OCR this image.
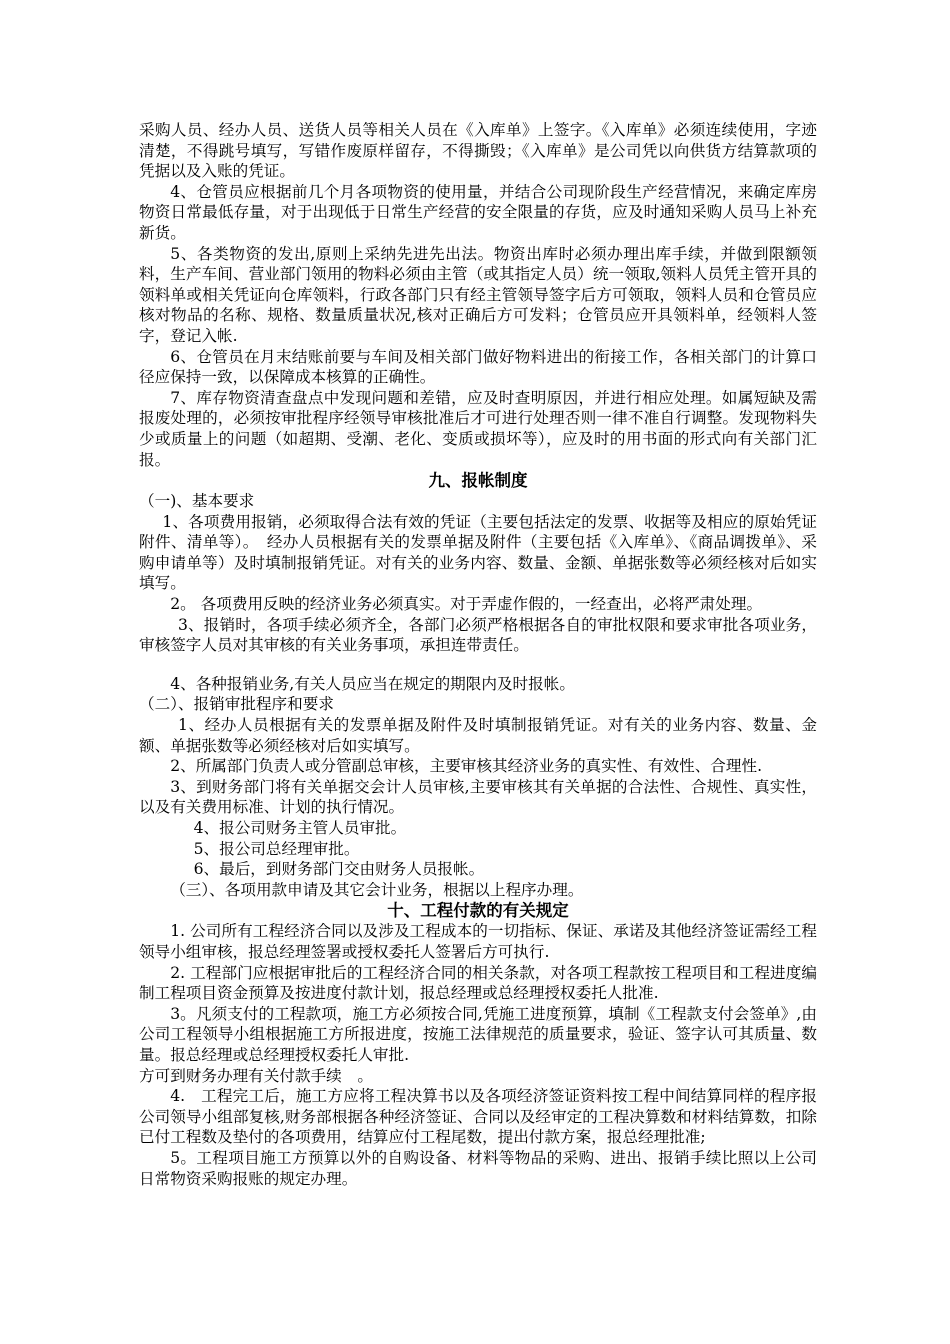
采购人员、经办人员、送货人员等相关人员在《入库单》上签字。《入库单》必须连续使用，字迹清楚，不得跳号填写，写错作废原样留存，不得撕毁；《入库单》是公司凭以向供货方结算款项的凭据以及入账的凭证。

4、仓管员应根据前几个月各项物资的使用量，并结合公司现阶段生产经营情况，来确定库房物资日常最低存量，对于出现低于日常生产经营的安全限量的存货，应及时通知采购人员马上补充新货。

5、各类物资的发出,原则上采纳先进先出法。物资出库时必须办理出库手续，并做到限额领料，生产车间、营业部门领用的物料必须由主管（或其指定人员）统一领取,领料人员凭主管开具的领料单或相关凭证向仓库领料，行政各部门只有经主管领导签字后方可领取，领料人员和仓管员应核对物品的名称、规格、数量质量状况,核对正确后方可发料；仓管员应开具领料单，经领料人签字，登记入帐.

6、仓管员在月末结账前要与车间及相关部门做好物料进出的衔接工作，各相关部门的计算口径应保持一致，以保障成本核算的正确性。

7、库存物资清查盘点中发现问题和差错，应及时查明原因，并进行相应处理。如属短缺及需报废处理的，必须按审批程序经领导审核批准后才可进行处理否则一律不准自行调整。发现物料失少或质量上的问题（如超期、受潮、老化、变质或损坏等），应及时的用书面的形式向有关部门汇报。

九、报帐制度

（一)、基本要求

1、各项费用报销，必须取得合法有效的凭证（主要包括法定的发票、收据等及相应的原始凭证附件、清单等）。　经办人员根据有关的发票单据及附件（主要包括《入库单》、《商品调拨单》、采购申请单等）及时填制报销凭证。对有关的业务内容、数量、金额、单据张数等必须经核对后如实填写。

2。 各项费用反映的经济业务必须真实。对于弄虚作假的，一经查出，必将严肃处理。

3、报销时，各项手续必须齐全，各部门必须严格根据各自的审批权限和要求审批各项业务，审核签字人员对其审核的有关业务事项，承担连带责任。

4、各种报销业务,有关人员应当在规定的期限内及时报帐。

（二）、报销审批程序和要求

1、经办人员根据有关的发票单据及附件及时填制报销凭证。对有关的业务内容、数量、金额、单据张数等必须经核对后如实填写。

2、所属部门负责人或分管副总审核，主要审核其经济业务的真实性、有效性、合理性.

3、到财务部门将有关单据交会计人员审核,主要审核其有关单据的合法性、合规性、真实性，以及有关费用标准、计划的执行情况。

4、报公司财务主管人员审批。

5、报公司总经理审批。

6、最后，到财务部门交由财务人员报帐。

（三）、各项用款申请及其它会计业务，根据以上程序办理。

十、工程付款的有关规定

1. 公司所有工程经济合同以及涉及工程成本的一切指标、保证、承诺及其他经济签证需经工程领导小组审核，报总经理签署或授权委托人签署后方可执行.

2. 工程部门应根据审批后的工程经济合同的相关条款，对各项工程款按工程项目和工程进度编制工程项目资金预算及按进度付款计划，报总经理或总经理授权委托人批准.

3。凡须支付的工程款项，施工方必须按合同,凭施工进度预算，填制《工程款支付会签单》,由公司工程领导小组根据施工方所报进度，按施工法律规范的质量要求，验证、签字认可其质量、数量。报总经理或总经理授权委托人审批.

方可到财务办理有关付款手续　。

4.　工程完工后，施工方应将工程决算书以及各项经济签证资料按工程中间结算同样的程序报公司领导小组部复核,财务部根据各种经济签证、合同以及经审定的工程决算数和材料结算数，扣除已付工程数及垫付的各项费用，结算应付工程尾数，提出付款方案，报总经理批准;

5。工程项目施工方预算以外的自购设备、材料等物品的采购、进出、报销手续比照以上公司日常物资采购报账的规定办理。
